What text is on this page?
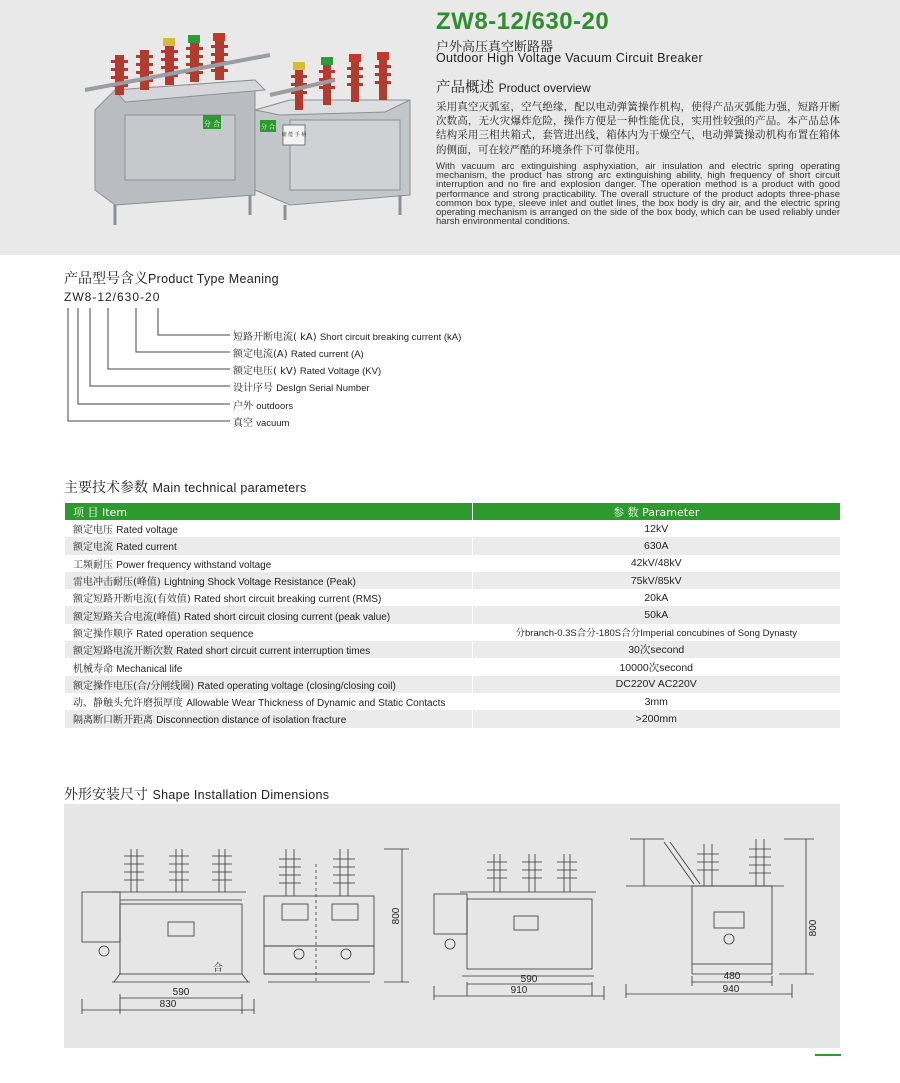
分 合	分 合
储 能 手 柄
ZW8-12/630-20
户外高压真空断路器
Outdoor High Voltage Vacuum Circuit Breaker
产品概述 Product overview
采用真空灭弧室，空气绝缘，配以电动弹簧操作机构，使得产品灭弧能力强，短路开断次数高，无火灾爆炸危险，操作方便是一种性能优良，实用性较强的产品。本产品总体结构采用三相共箱式，套管进出线，箱体内为干燥空气，电动弹簧操动机构布置在箱体的侧面，可在较严酷的环境条件下可靠使用。
With vacuum arc extinguishing asphyxiation, air insulation and electric spring operating mechanism, the product has strong arc extinguishing ability, high frequency of short circuit interruption and no fire and explosion danger. The operation method is a product with good performance and strong practicability. The overall structure of the product adopts three-phase common box type, sleeve inlet and outlet lines, the box body is dry air, and the electric spring operating mechanism is arranged on the side of the box body, which can be used reliably under harsh environmental conditions.
产品型号含义Product Type Meaning
ZW8-12/630-20
短路开断电流( kA) Short circuit breaking current (kA)
额定电流(A) Rated current (A)
额定电压( kV) Rated Voltage (KV)
设计序号 DesIgn Serial Number
户外 outdoors
真空 vacuum
主要技术参数 Main technical parameters
项 目 Item	参 数 Parameter
额定电压 Rated voltage	12kV
额定电流 Rated current	630A
工频耐压 Power frequency withstand voltage	42kV/48kV
雷电冲击耐压(峰值) Lightning Shock Voltage Resistance (Peak)	75kV/85kV
额定短路开断电流(有效值) Rated short circuit breaking current (RMS)	20kA
额定短路关合电流(峰值) Rated short circuit closing current (peak value)	50kA
额定操作顺序 Rated operation sequence	分branch-0.3S合分-180S合分Imperial concubines of Song Dynasty
额定短路电流开断次数 Rated short circuit current interruption times	30次second
机械寿命 Mechanical life	10000次second
额定操作电压(合/分闸线圈) Rated operating voltage (closing/closing coil)	DC220V AC220V
动、静触头允许磨损厚度 Allowable Wear Thickness of Dynamic and Static Contacts	3mm
隔离断口断开距离 Disconnection distance of isolation fracture	>200mm
外形安装尺寸 Shape Installation Dimensions
590
830
合
800
590
910
480
940
800
